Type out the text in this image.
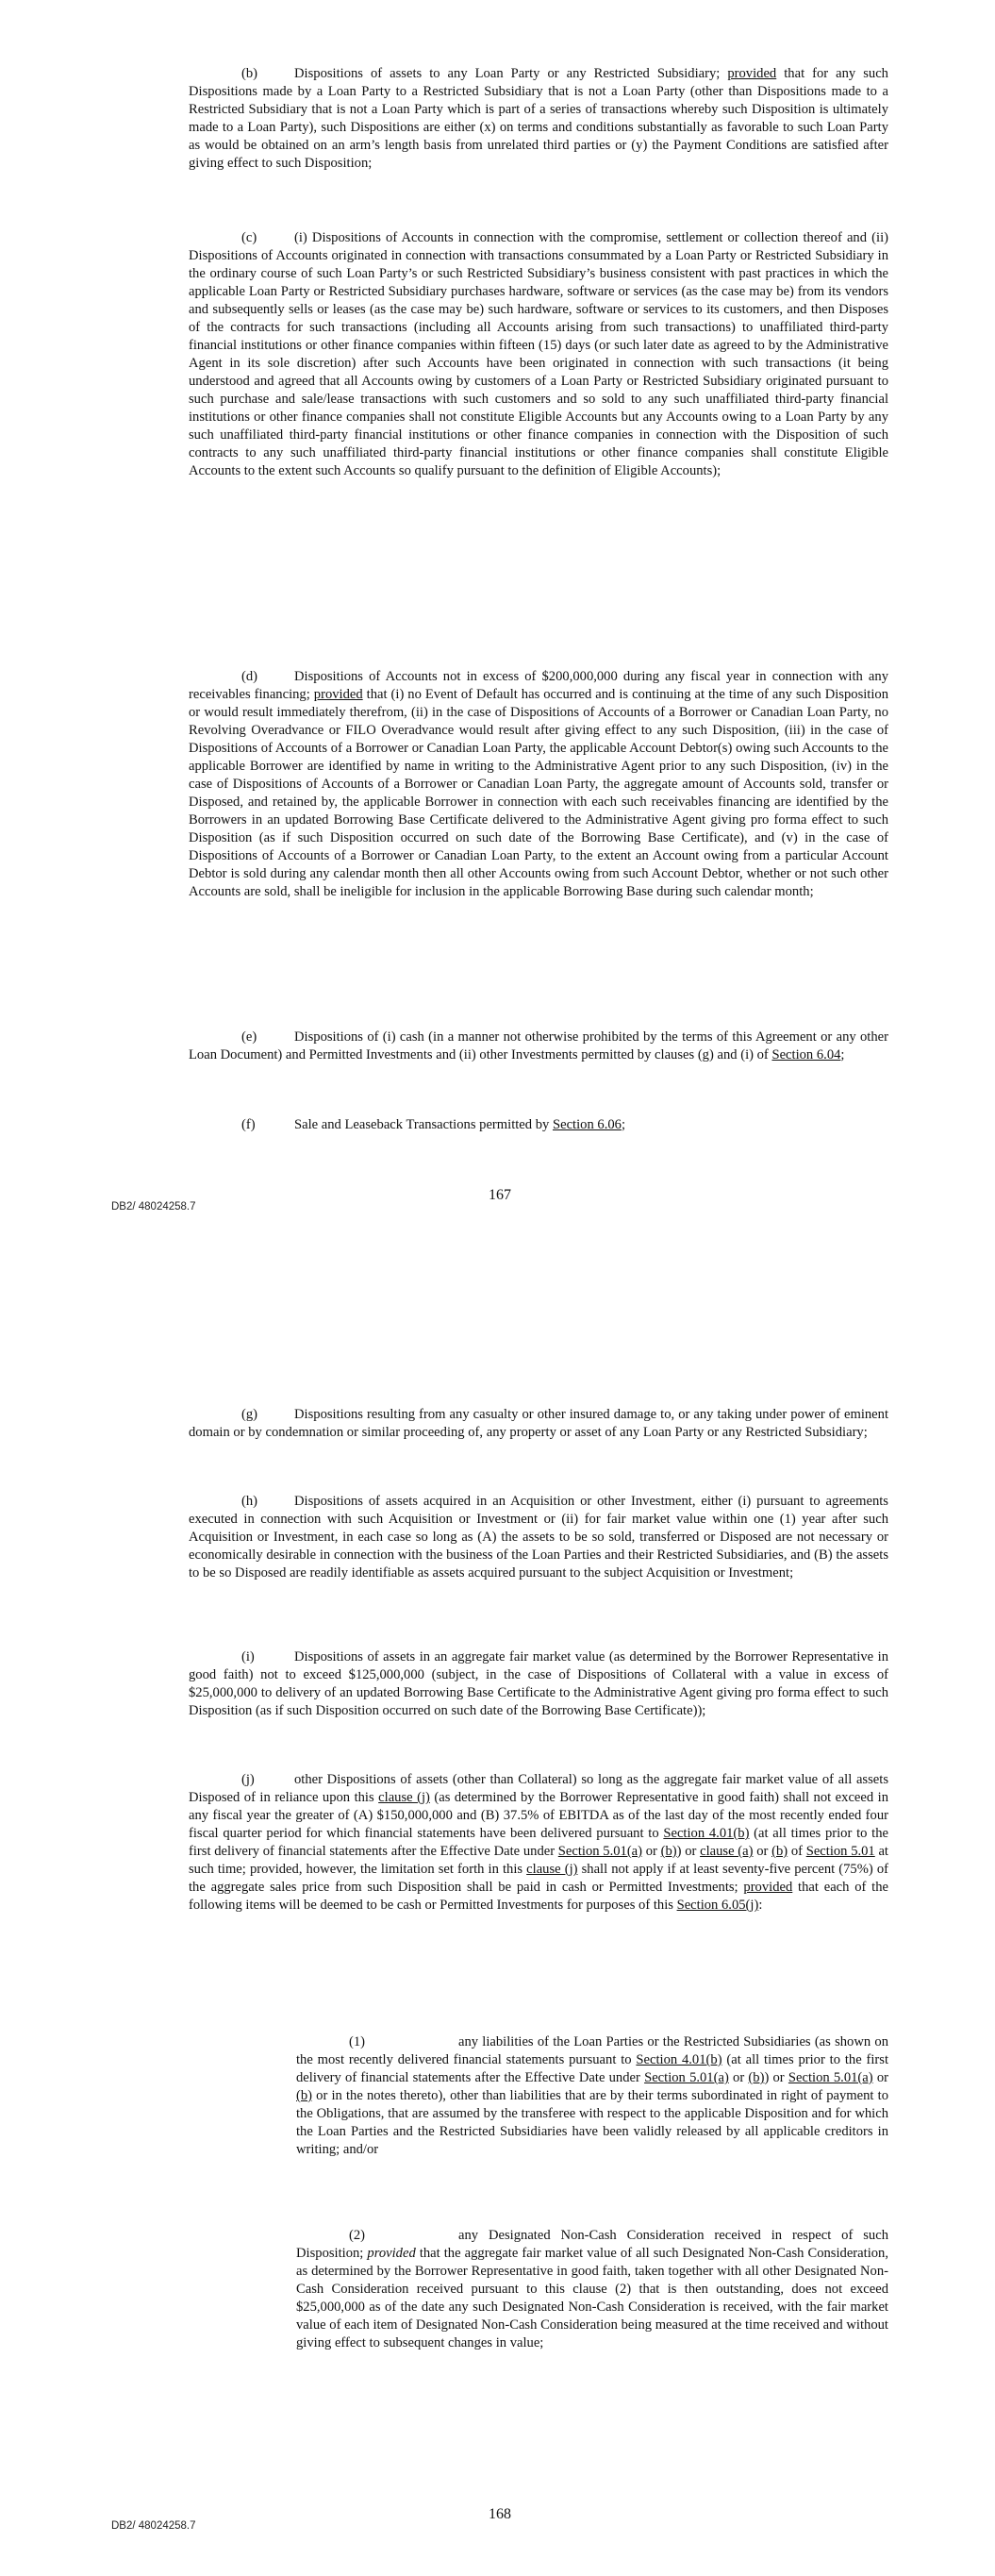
(b)	Dispositions of assets to any Loan Party or any Restricted Subsidiary; provided that for any such Dispositions made by a Loan Party to a Restricted Subsidiary that is not a Loan Party (other than Dispositions made to a Restricted Subsidiary that is not a Loan Party which is part of a series of transactions whereby such Disposition is ultimately made to a Loan Party), such Dispositions are either (x) on terms and conditions substantially as favorable to such Loan Party as would be obtained on an arm’s length basis from unrelated third parties or (y) the Payment Conditions are satisfied after giving effect to such Disposition;

(c)	(i) Dispositions of Accounts in connection with the compromise, settlement or collection thereof and (ii) Dispositions of Accounts originated in connection with transactions consummated by a Loan Party or Restricted Subsidiary in the ordinary course of such Loan Party’s or such Restricted Subsidiary’s business consistent with past practices in which the applicable Loan Party or Restricted Subsidiary purchases hardware, software or services (as the case may be) from its vendors and subsequently sells or leases (as the case may be) such hardware, software or services to its customers, and then Disposes of the contracts for such transactions (including all Accounts arising from such transactions) to unaffiliated third-party financial institutions or other finance companies within fifteen (15) days (or such later date as agreed to by the Administrative Agent in its sole discretion) after such Accounts have been originated in connection with such transactions (it being understood and agreed that all Accounts owing by customers of a Loan Party or Restricted Subsidiary originated pursuant to such purchase and sale/lease transactions with such customers and so sold to any such unaffiliated third-party financial institutions or other finance companies shall not constitute Eligible Accounts but any Accounts owing to a Loan Party by any such unaffiliated third-party financial institutions or other finance companies in connection with the Disposition of such contracts to any such unaffiliated third-party financial institutions or other finance companies shall constitute Eligible Accounts to the extent such Accounts so qualify pursuant to the definition of Eligible Accounts);

(d)	Dispositions of Accounts not in excess of $200,000,000 during any fiscal year in connection with any receivables financing; provided that (i) no Event of Default has occurred and is continuing at the time of any such Disposition or would result immediately therefrom, (ii) in the case of Dispositions of Accounts of a Borrower or Canadian Loan Party, no Revolving Overadvance or FILO Overadvance would result after giving effect to any such Disposition, (iii) in the case of Dispositions of Accounts of a Borrower or Canadian Loan Party, the applicable Account Debtor(s) owing such Accounts to the applicable Borrower are identified by name in writing to the Administrative Agent prior to any such Disposition, (iv) in the case of Dispositions of Accounts of a Borrower or Canadian Loan Party, the aggregate amount of Accounts sold, transfer or Disposed, and retained by, the applicable Borrower in connection with each such receivables financing are identified by the Borrowers in an updated Borrowing Base Certificate delivered to the Administrative Agent giving pro forma effect to such Disposition (as if such Disposition occurred on such date of the Borrowing Base Certificate), and (v) in the case of Dispositions of Accounts of a Borrower or Canadian Loan Party, to the extent an Account owing from a particular Account Debtor is sold during any calendar month then all other Accounts owing from such Account Debtor, whether or not such other Accounts are sold, shall be ineligible for inclusion in the applicable Borrowing Base during such calendar month;

(e)	Dispositions of (i) cash (in a manner not otherwise prohibited by the terms of this Agreement or any other Loan Document) and Permitted Investments and (ii) other Investments permitted by clauses (g) and (i) of Section 6.04;

(f)	Sale and Leaseback Transactions permitted by Section 6.06;

167
DB2/ 48024258.7

(g)	Dispositions resulting from any casualty or other insured damage to, or any taking under power of eminent domain or by condemnation or similar proceeding of, any property or asset of any Loan Party or any Restricted Subsidiary;

(h)	Dispositions of assets acquired in an Acquisition or other Investment, either (i) pursuant to agreements executed in connection with such Acquisition or Investment or (ii) for fair market value within one (1) year after such Acquisition or Investment, in each case so long as (A) the assets to be so sold, transferred or Disposed are not necessary or economically desirable in connection with the business of the Loan Parties and their Restricted Subsidiaries, and (B) the assets to be so Disposed are readily identifiable as assets acquired pursuant to the subject Acquisition or Investment;

(i)	Dispositions of assets in an aggregate fair market value (as determined by the Borrower Representative in good faith) not to exceed $125,000,000 (subject, in the case of Dispositions of Collateral with a value in excess of $25,000,000 to delivery of an updated Borrowing Base Certificate to the Administrative Agent giving pro forma effect to such Disposition (as if such Disposition occurred on such date of the Borrowing Base Certificate));

(j)	other Dispositions of assets (other than Collateral) so long as the aggregate fair market value of all assets Disposed of in reliance upon this clause (j) (as determined by the Borrower Representative in good faith) shall not exceed in any fiscal year the greater of (A) $150,000,000 and (B) 37.5% of EBITDA as of the last day of the most recently ended four fiscal quarter period for which financial statements have been delivered pursuant to Section 4.01(b) (at all times prior to the first delivery of financial statements after the Effective Date under Section 5.01(a) or (b)) or clause (a) or (b) of Section 5.01 at such time; provided, however, the limitation set forth in this clause (j) shall not apply if at least seventy-five percent (75%) of the aggregate sales price from such Disposition shall be paid in cash or Permitted Investments; provided that each of the following items will be deemed to be cash or Permitted Investments for purposes of this Section 6.05(j):

(1)	any liabilities of the Loan Parties or the Restricted Subsidiaries (as shown on the most recently delivered financial statements pursuant to Section 4.01(b) (at all times prior to the first delivery of financial statements after the Effective Date under Section 5.01(a) or (b)) or Section 5.01(a) or (b) or in the notes thereto), other than liabilities that are by their terms subordinated in right of payment to the Obligations, that are assumed by the transferee with respect to the applicable Disposition and for which the Loan Parties and the Restricted Subsidiaries have been validly released by all applicable creditors in writing; and/or

(2)	any Designated Non-Cash Consideration received in respect of such Disposition; provided that the aggregate fair market value of all such Designated Non-Cash Consideration, as determined by the Borrower Representative in good faith, taken together with all other Designated Non-Cash Consideration received pursuant to this clause (2) that is then outstanding, does not exceed $25,000,000 as of the date any such Designated Non-Cash Consideration is received, with the fair market value of each item of Designated Non-Cash Consideration being measured at the time received and without giving effect to subsequent changes in value;

168
DB2/ 48024258.7
